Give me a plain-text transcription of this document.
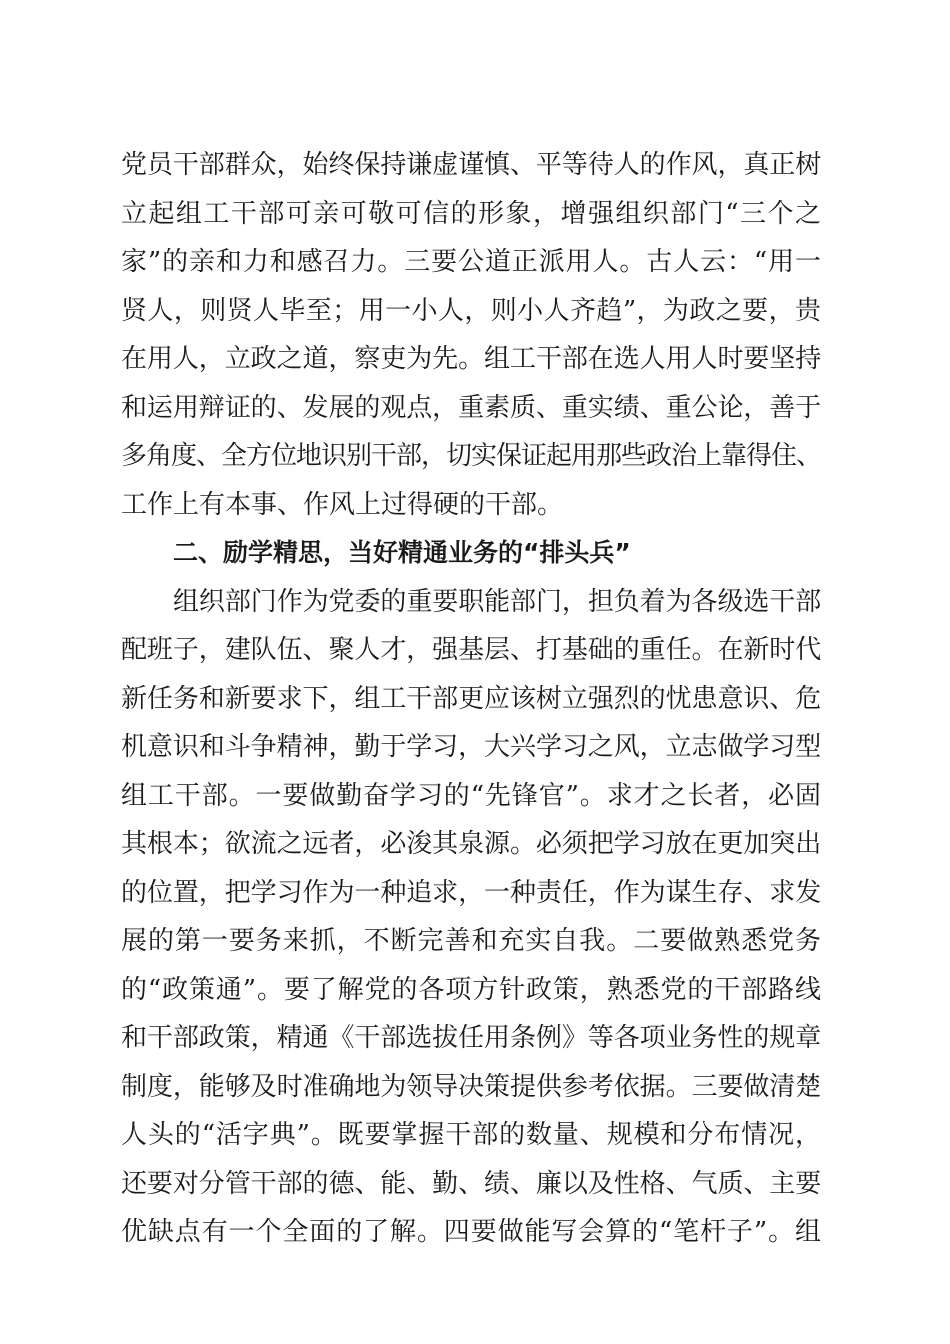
党员干部群众，始终保持谦虚谨慎、平等待人的作风，真正树
立起组工干部可亲可敬可信的形象，增强组织部门“三个之
家”的亲和力和感召力。三要公道正派用人。古人云：“用一
贤人，则贤人毕至；用一小人，则小人齐趋”，为政之要，贵
在用人，立政之道，察吏为先。组工干部在选人用人时要坚持
和运用辩证的、发展的观点，重素质、重实绩、重公论，善于
多角度、全方位地识别干部，切实保证起用那些政治上靠得住、
工作上有本事、作风上过得硬的干部。
二、励学精思，当好精通业务的“排头兵”
组织部门作为党委的重要职能部门，担负着为各级选干部
配班子，建队伍、聚人才，强基层、打基础的重任。在新时代
新任务和新要求下，组工干部更应该树立强烈的忧患意识、危
机意识和斗争精神，勤于学习，大兴学习之风，立志做学习型
组工干部。一要做勤奋学习的“先锋官”。求才之长者，必固
其根本；欲流之远者，必浚其泉源。必须把学习放在更加突出
的位置，把学习作为一种追求，一种责任，作为谋生存、求发
展的第一要务来抓，不断完善和充实自我。二要做熟悉党务
的“政策通”。要了解党的各项方针政策，熟悉党的干部路线
和干部政策，精通《干部选拔任用条例》等各项业务性的规章
制度，能够及时准确地为领导决策提供参考依据。三要做清楚
人头的“活字典”。既要掌握干部的数量、规模和分布情况，
还要对分管干部的德、能、勤、绩、廉以及性格、气质、主要
优缺点有一个全面的了解。四要做能写会算的“笔杆子”。组
